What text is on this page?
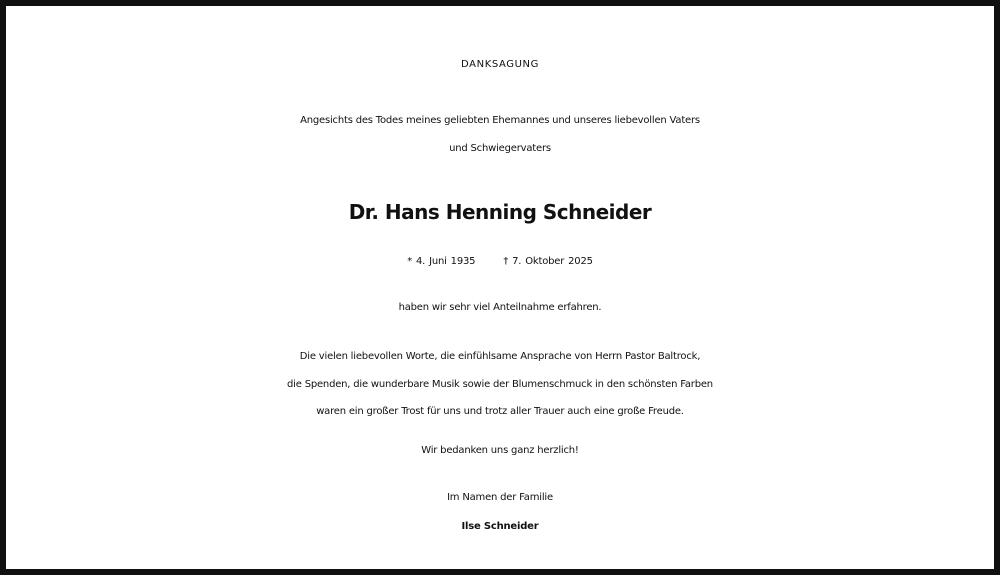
DANKSAGUNG
Angesichts des Todes meines geliebten Ehemannes und unseres liebevollen Vaters
und Schwiegervaters
Dr. Hans Henning Schneider
* 4. Juni 1935	† 7. Oktober 2025
haben wir sehr viel Anteilnahme erfahren.
Die vielen liebevollen Worte, die einfühlsame Ansprache von Herrn Pastor Baltrock,
die Spenden, die wunderbare Musik sowie der Blumenschmuck in den schönsten Farben
waren ein großer Trost für uns und trotz aller Trauer auch eine große Freude.
Wir bedanken uns ganz herzlich!
Im Namen der Familie
Ilse Schneider
